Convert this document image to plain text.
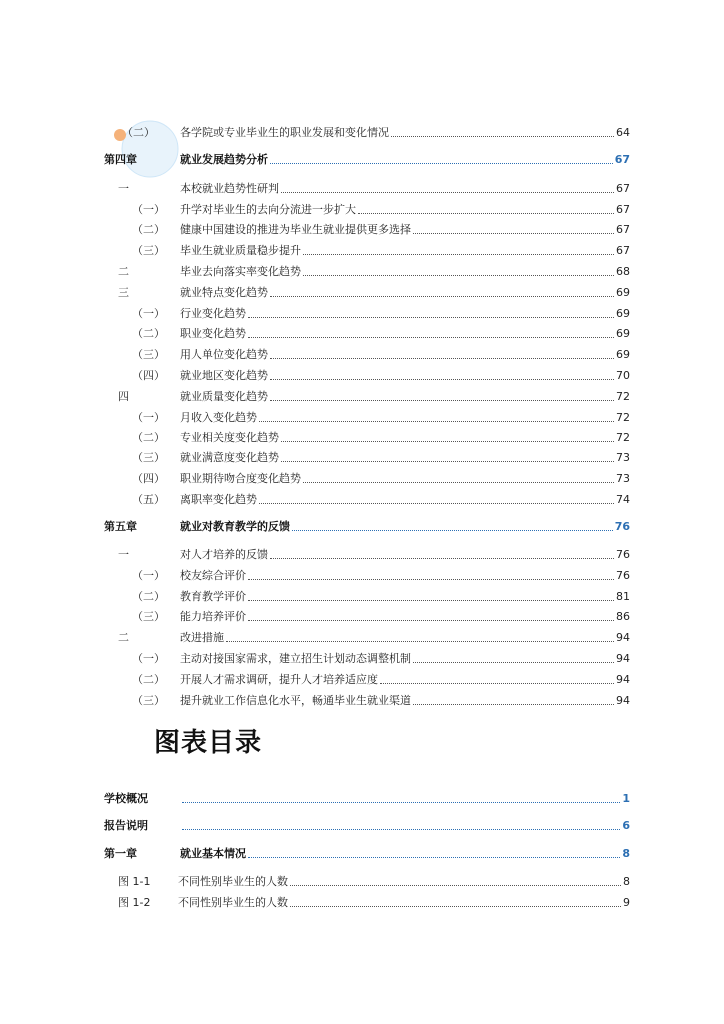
（二）	各学院或专业毕业生的职业发展和变化情况	64
第四章	就业发展趋势分析	67
一	本校就业趋势性研判	67
（一）	升学对毕业生的去向分流进一步扩大	67
（二）	健康中国建设的推进为毕业生就业提供更多选择	67
（三）	毕业生就业质量稳步提升	67
二	毕业去向落实率变化趋势	68
三	就业特点变化趋势	69
（一）	行业变化趋势	69
（二）	职业变化趋势	69
（三）	用人单位变化趋势	69
（四）	就业地区变化趋势	70
四	就业质量变化趋势	72
（一）	月收入变化趋势	72
（二）	专业相关度变化趋势	72
（三）	就业满意度变化趋势	73
（四）	职业期待吻合度变化趋势	73
（五）	离职率变化趋势	74
第五章	就业对教育教学的反馈	76
一	对人才培养的反馈	76
（一）	校友综合评价	76
（二）	教育教学评价	81
（三）	能力培养评价	86
二	改进措施	94
（一）	主动对接国家需求，建立招生计划动态调整机制	94
（二）	开展人才需求调研，提升人才培养适应度	94
（三）	提升就业工作信息化水平，畅通毕业生就业渠道	94
图表目录
学校概况	1
报告说明	6
第一章	就业基本情况	8
图 1-1	不同性别毕业生的人数	8
图 1-2	不同性别毕业生的人数	9
